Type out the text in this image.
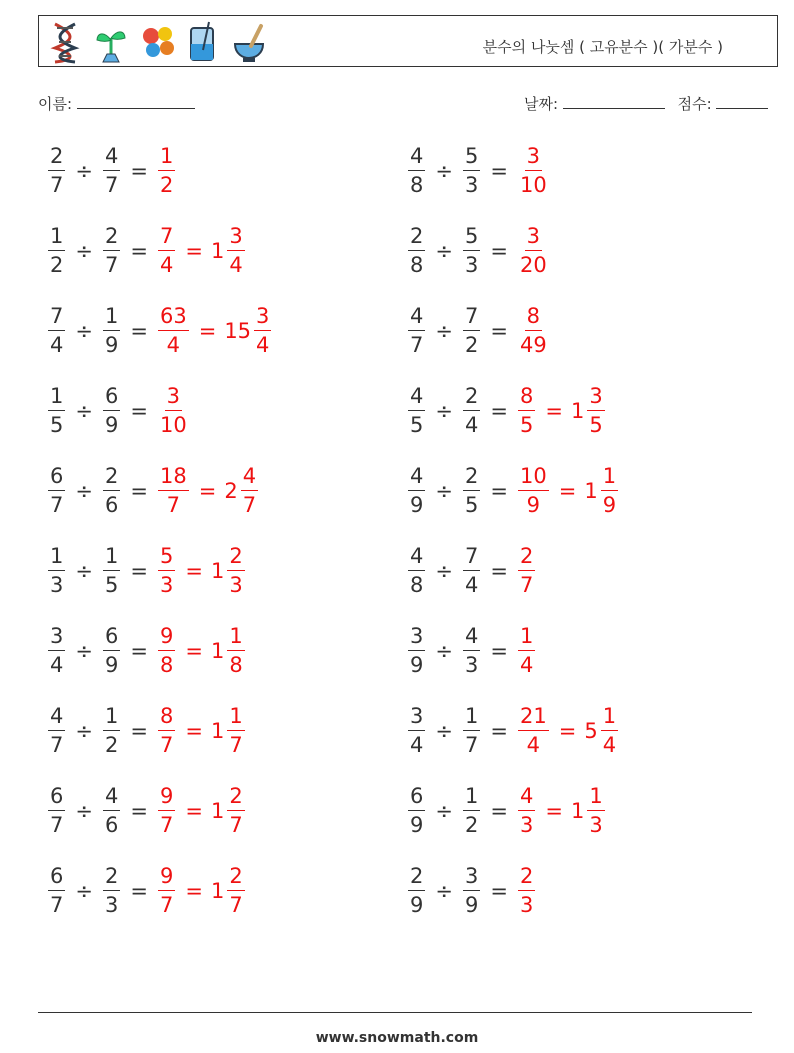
분수의 나눗셈 ( 고유분수 )( 가분수 )
이름:	날짜:	점수:
$\frac{2}{7} \div \frac{4}{7} = \frac{1}{2}$	$\frac{4}{8} \div \frac{5}{3} = \frac{3}{10}$
$\frac{1}{2} \div \frac{2}{7} = \frac{7}{4} = 1 \frac{3}{4}$	$\frac{2}{8} \div \frac{5}{3} = \frac{3}{20}$
$\frac{7}{4} \div \frac{1}{9} = \frac{63}{4} = 15 \frac{3}{4}$	$\frac{4}{7} \div \frac{7}{2} = \frac{8}{49}$
$\frac{1}{5} \div \frac{6}{9} = \frac{3}{10}$	$\frac{4}{5} \div \frac{2}{4} = \frac{8}{5} = 1 \frac{3}{5}$
$\frac{6}{7} \div \frac{2}{6} = \frac{18}{7} = 2 \frac{4}{7}$	$\frac{4}{9} \div \frac{2}{5} = \frac{10}{9} = 1 \frac{1}{9}$
$\frac{1}{3} \div \frac{1}{5} = \frac{5}{3} = 1 \frac{2}{3}$	$\frac{4}{8} \div \frac{7}{4} = \frac{2}{7}$
$\frac{3}{4} \div \frac{6}{9} = \frac{9}{8} = 1 \frac{1}{8}$	$\frac{3}{9} \div \frac{4}{3} = \frac{1}{4}$
$\frac{4}{7} \div \frac{1}{2} = \frac{8}{7} = 1 \frac{1}{7}$	$\frac{3}{4} \div \frac{1}{7} = \frac{21}{4} = 5 \frac{1}{4}$
$\frac{6}{7} \div \frac{4}{6} = \frac{9}{7} = 1 \frac{2}{7}$	$\frac{6}{9} \div \frac{1}{2} = \frac{4}{3} = 1 \frac{1}{3}$
$\frac{6}{7} \div \frac{2}{3} = \frac{9}{7} = 1 \frac{2}{7}$	$\frac{2}{9} \div \frac{3}{9} = \frac{2}{3}$
www.snowmath.com
